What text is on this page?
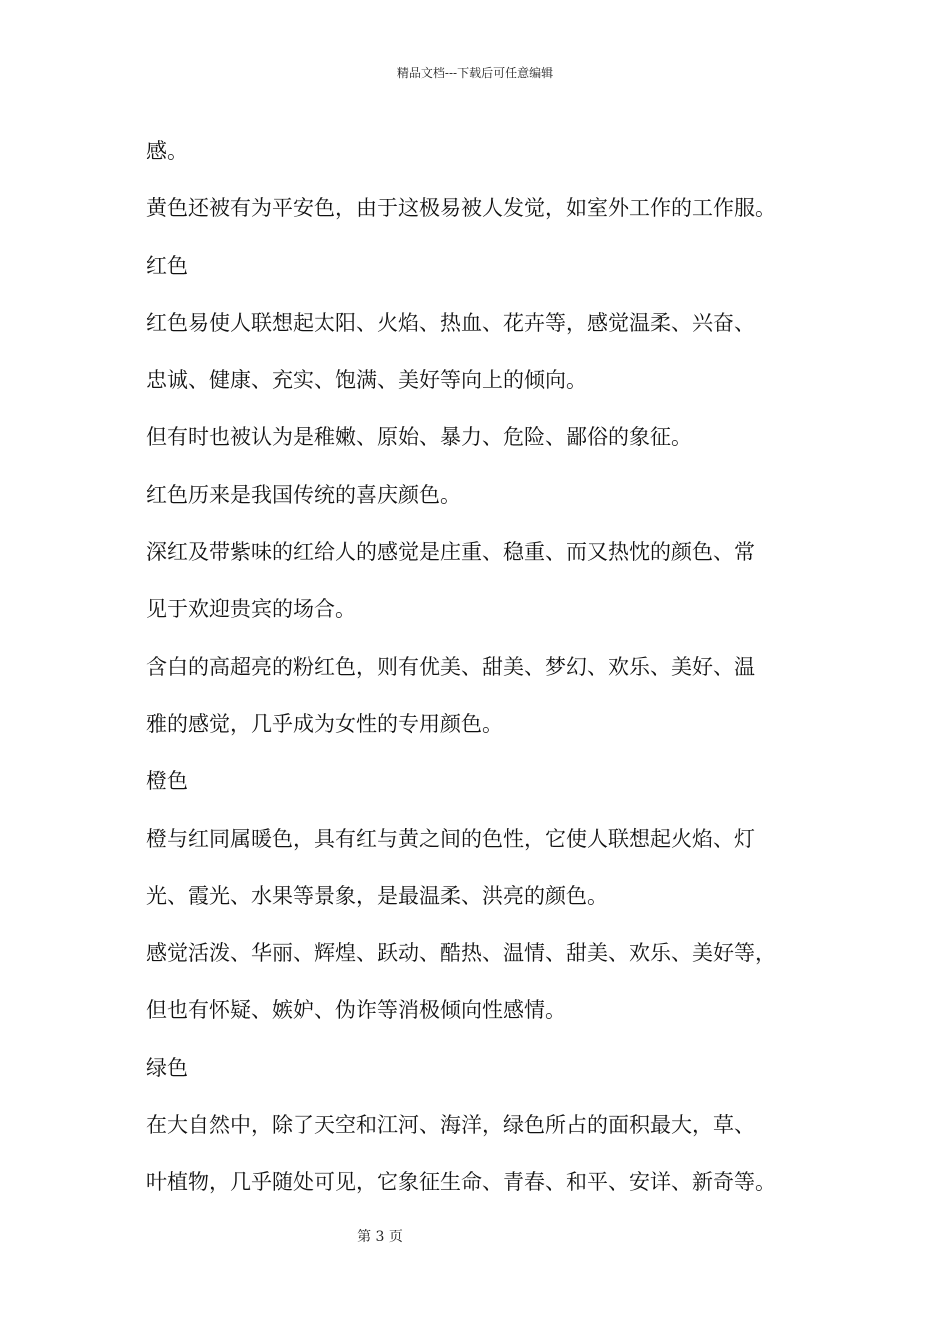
精品文档---下载后可任意编辑
感。
黄色还被有为平安色，由于这极易被人发觉，如室外工作的工作服。
红色
红色易使人联想起太阳、火焰、热血、花卉等，感觉温柔、兴奋、
忠诚、健康、充实、饱满、美好等向上的倾向。
但有时也被认为是稚嫩、原始、暴力、危险、鄙俗的象征。
红色历来是我国传统的喜庆颜色。
深红及带紫味的红给人的感觉是庄重、稳重、而又热忱的颜色、常
见于欢迎贵宾的场合。
含白的高超亮的粉红色，则有优美、甜美、梦幻、欢乐、美好、温
雅的感觉，几乎成为女性的专用颜色。
橙色
橙与红同属暖色，具有红与黄之间的色性，它使人联想起火焰、灯
光、霞光、水果等景象，是最温柔、洪亮的颜色。
感觉活泼、华丽、辉煌、跃动、酷热、温情、甜美、欢乐、美好等，
但也有怀疑、嫉妒、伪诈等消极倾向性感情。
绿色
在大自然中，除了天空和江河、海洋，绿色所占的面积最大，草、
叶植物，几乎随处可见，它象征生命、青春、和平、安详、新奇等。
第 3 页
